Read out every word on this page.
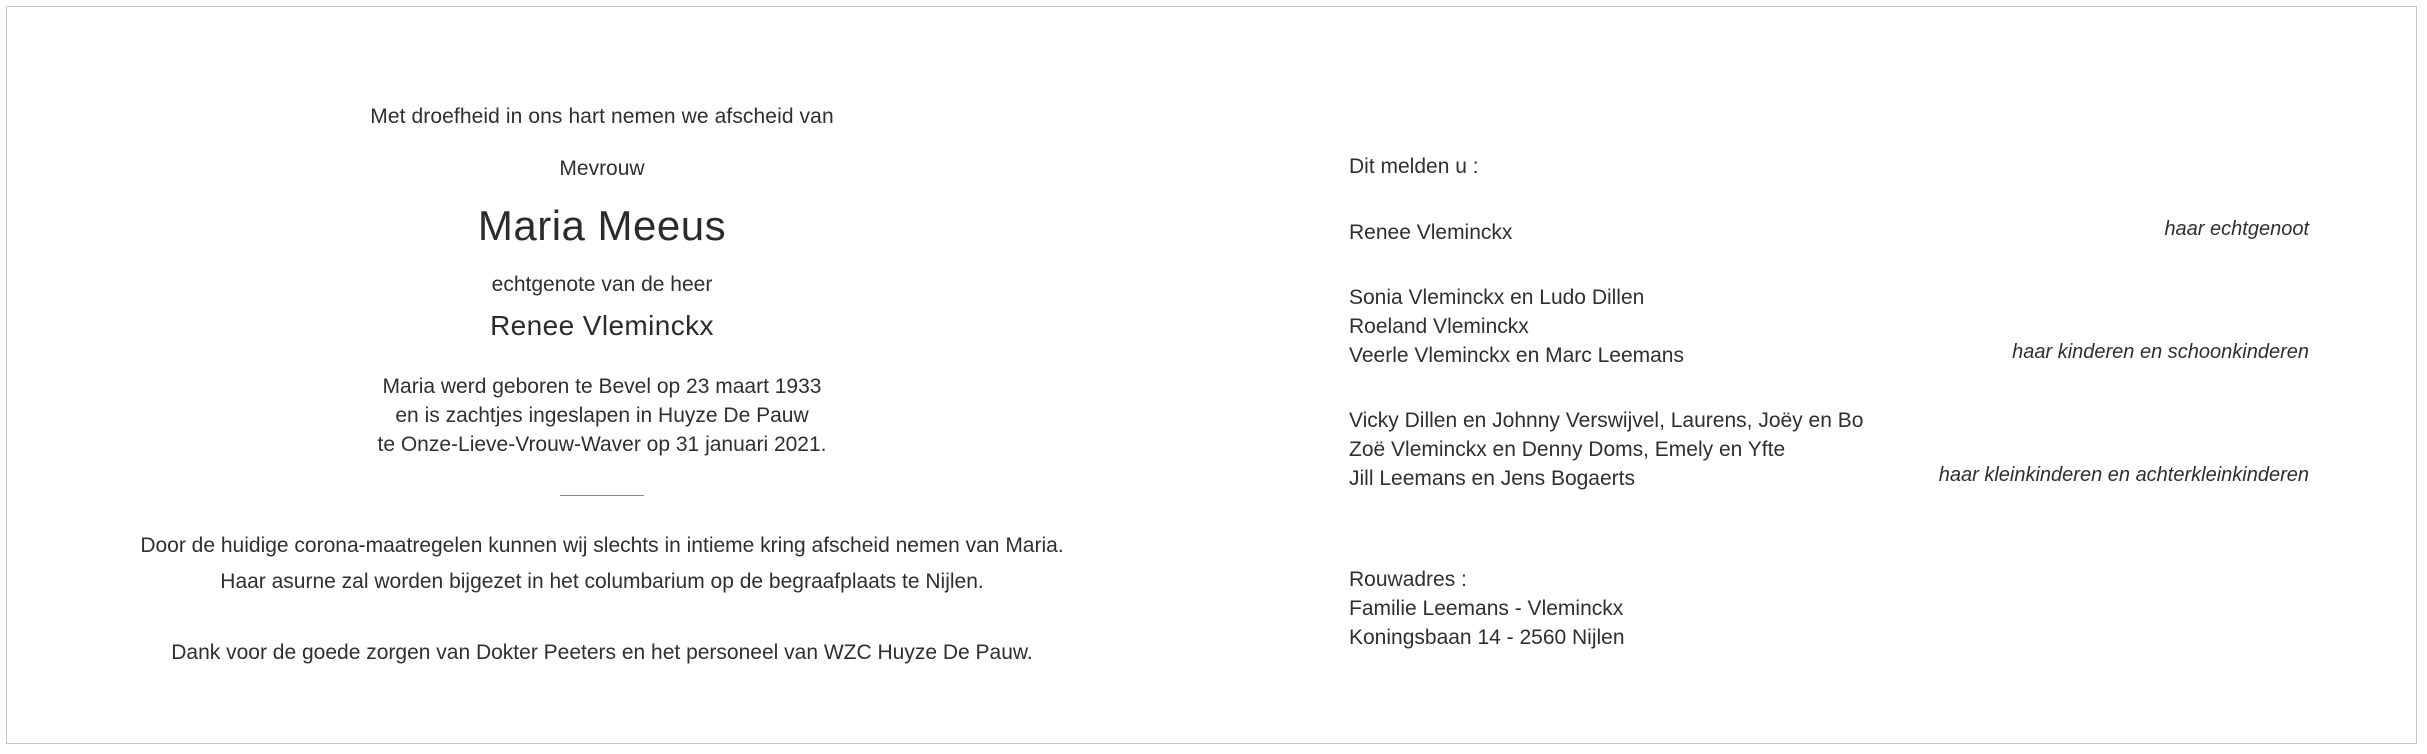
Met droefheid in ons hart nemen we afscheid van
Mevrouw
Maria Meeus
echtgenote van de heer
Renee Vleminckx
Maria werd geboren te Bevel op 23 maart 1933
en is zachtjes ingeslapen in Huyze De Pauw
te Onze-Lieve-Vrouw-Waver op 31 januari 2021.
Door de huidige corona-maatregelen kunnen wij slechts in intieme kring afscheid nemen van Maria.
Haar asurne zal worden bijgezet in het columbarium op de begraafplaats te Nijlen.
Dank voor de goede zorgen van Dokter Peeters en het personeel van WZC Huyze De Pauw.
Dit melden u :
Renee Vleminckx	haar echtgenoot
Sonia Vleminckx en Ludo Dillen
Roeland Vleminckx
Veerle Vleminckx en Marc Leemans	haar kinderen en schoonkinderen
Vicky Dillen en Johnny Verswijvel, Laurens, Joëy en Bo
Zoë Vleminckx en Denny Doms, Emely en Yfte
Jill Leemans en Jens Bogaerts	haar kleinkinderen en achterkleinkinderen
Rouwadres :
Familie Leemans - Vleminckx
Koningsbaan 14 - 2560 Nijlen
